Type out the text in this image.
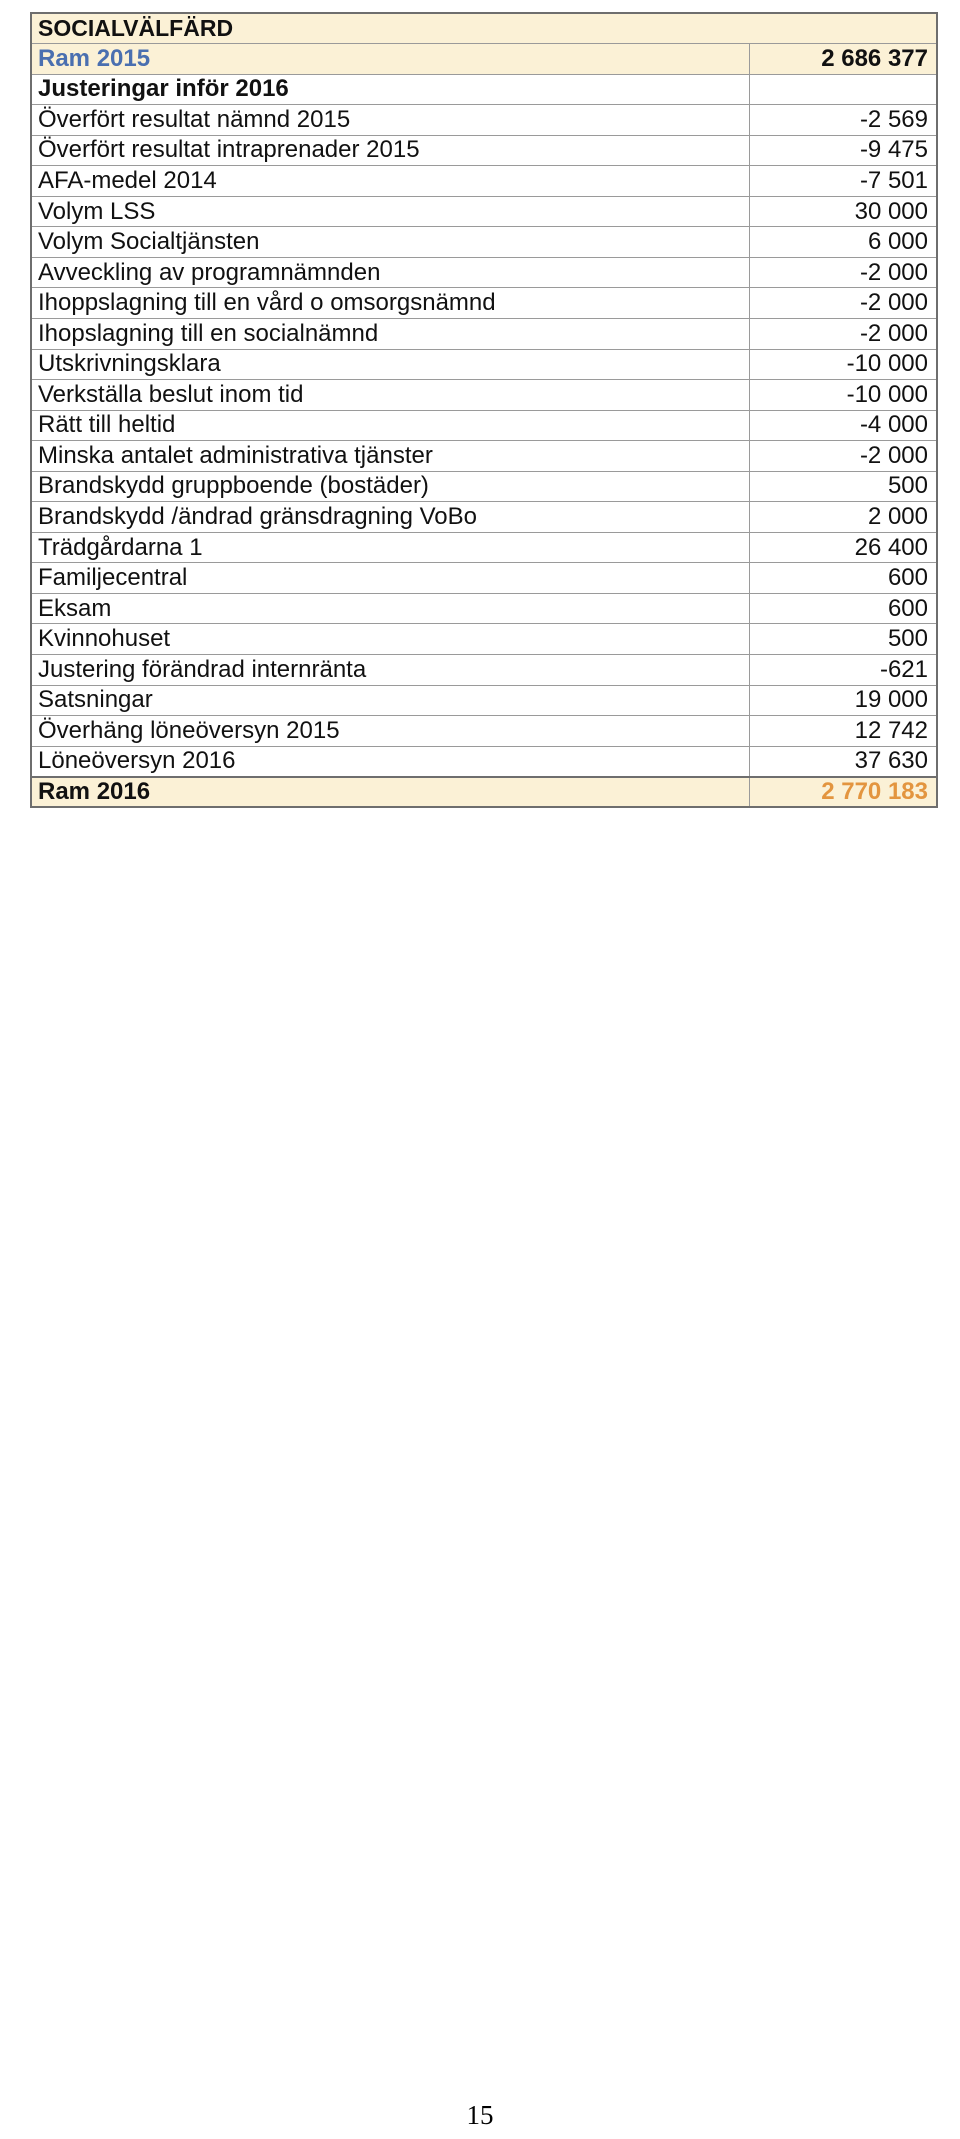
SOCIALVÄLFÄRD	
Ram 2015	2 686 377
Justeringar inför 2016	
Överfört resultat nämnd 2015	-2 569
Överfört resultat intraprenader 2015	-9 475
AFA-medel 2014	-7 501
Volym LSS	30 000
Volym Socialtjänsten	6 000
Avveckling av programnämnden	-2 000
Ihoppslagning till en vård o omsorgsnämnd	-2 000
Ihopslagning till en socialnämnd	-2 000
Utskrivningsklara	-10 000
Verkställa beslut inom tid	-10 000
Rätt till heltid	-4 000
Minska antalet administrativa tjänster	-2 000
Brandskydd gruppboende (bostäder)	500
Brandskydd /ändrad gränsdragning VoBo	2 000
Trädgårdarna 1	26 400
Familjecentral	600
Eksam	600
Kvinnohuset	500
Justering förändrad internränta	-621
Satsningar	19 000
Överhäng löneöversyn 2015	12 742
Löneöversyn 2016	37 630
Ram 2016	2 770 183
15
